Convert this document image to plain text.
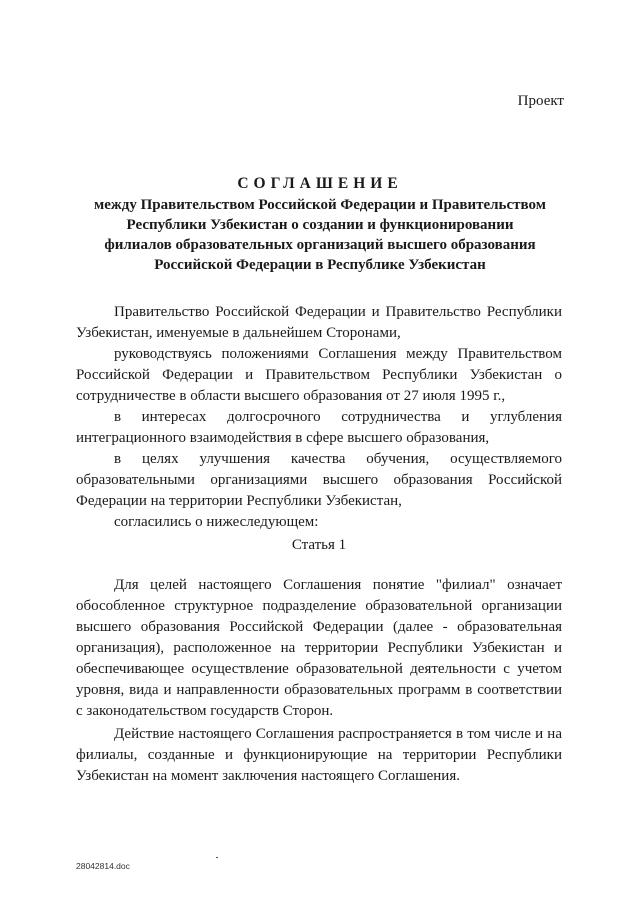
Проект
СОГЛАШЕНИЕ
между Правительством Российской Федерации и Правительством
Республики Узбекистан о создании и функционировании
филиалов образовательных организаций высшего образования
Российской Федерации в Республике Узбекистан

Правительство Российской Федерации и Правительство Республики Узбекистан, именуемые в дальнейшем Сторонами,

руководствуясь положениями Соглашения между Правительством Российской Федерации и Правительством Республики Узбекистан о сотрудничестве в области высшего образования от 27 июля 1995 г.,

в интересах долгосрочного сотрудничества и углубления интеграционного взаимодействия в сфере высшего образования,

в целях улучшения качества обучения, осуществляемого образовательными организациями высшего образования Российской Федерации на территории Республики Узбекистан,

согласились о нижеследующем:

Статья 1

Для целей настоящего Соглашения понятие "филиал" означает обособленное структурное подразделение образовательной организации высшего образования Российской Федерации (далее - образовательная организация), расположенное на территории Республики Узбекистан и обеспечивающее осуществление образовательной деятельности с учетом уровня, вида и направленности образовательных программ в соответствии с законодательством государств Сторон.

Действие настоящего Соглашения распространяется в том числе и на филиалы, созданные и функционирующие на территории Республики Узбекистан на момент заключения настоящего Соглашения.

28042814.doc
